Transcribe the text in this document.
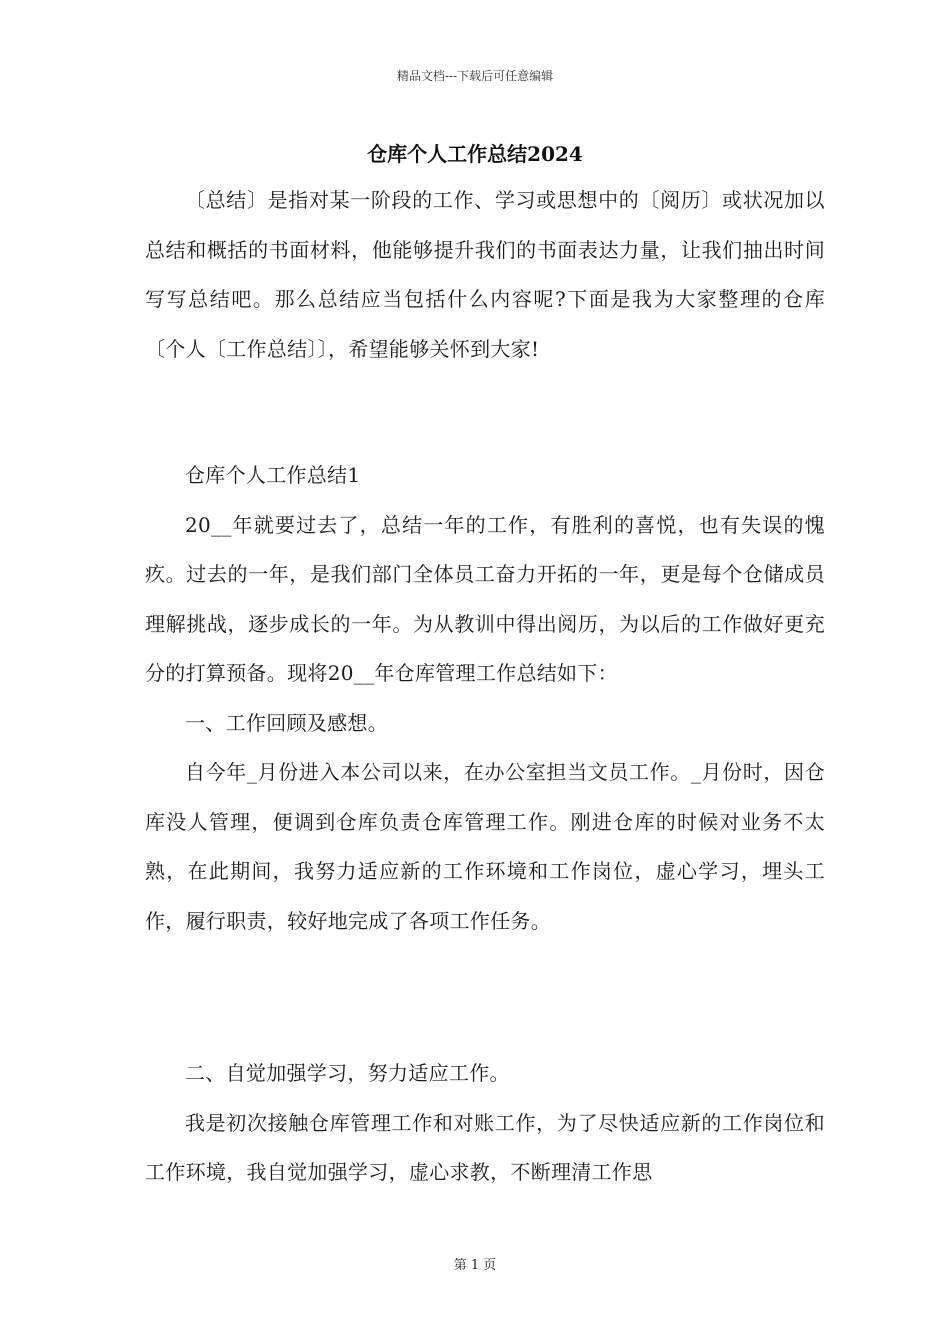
精品文档---下载后可任意编辑
仓库个人工作总结2024

〔总结〕是指对某一阶段的工作、学习或思想中的〔阅历〕或状况加以总结和概括的书面材料，他能够提升我们的书面表达力量，让我们抽出时间写写总结吧。那么总结应当包括什么内容呢?下面是我为大家整理的仓库〔个人〔工作总结〕〕，希望能够关怀到大家!

仓库个人工作总结1

20__年就要过去了，总结一年的工作，有胜利的喜悦，也有失误的愧疚。过去的一年，是我们部门全体员工奋力开拓的一年，更是每个仓储成员理解挑战，逐步成长的一年。为从教训中得出阅历，为以后的工作做好更充分的打算预备。现将20__年仓库管理工作总结如下：

一、工作回顾及感想。

自今年_月份进入本公司以来，在办公室担当文员工作。_月份时，因仓库没人管理，便调到仓库负责仓库管理工作。刚进仓库的时候对业务不太熟，在此期间，我努力适应新的工作环境和工作岗位，虚心学习，埋头工作，履行职责，较好地完成了各项工作任务。

二、自觉加强学习，努力适应工作。

我是初次接触仓库管理工作和对账工作，为了尽快适应新的工作岗位和工作环境，我自觉加强学习，虚心求教，不断理清工作思

第 1 页
